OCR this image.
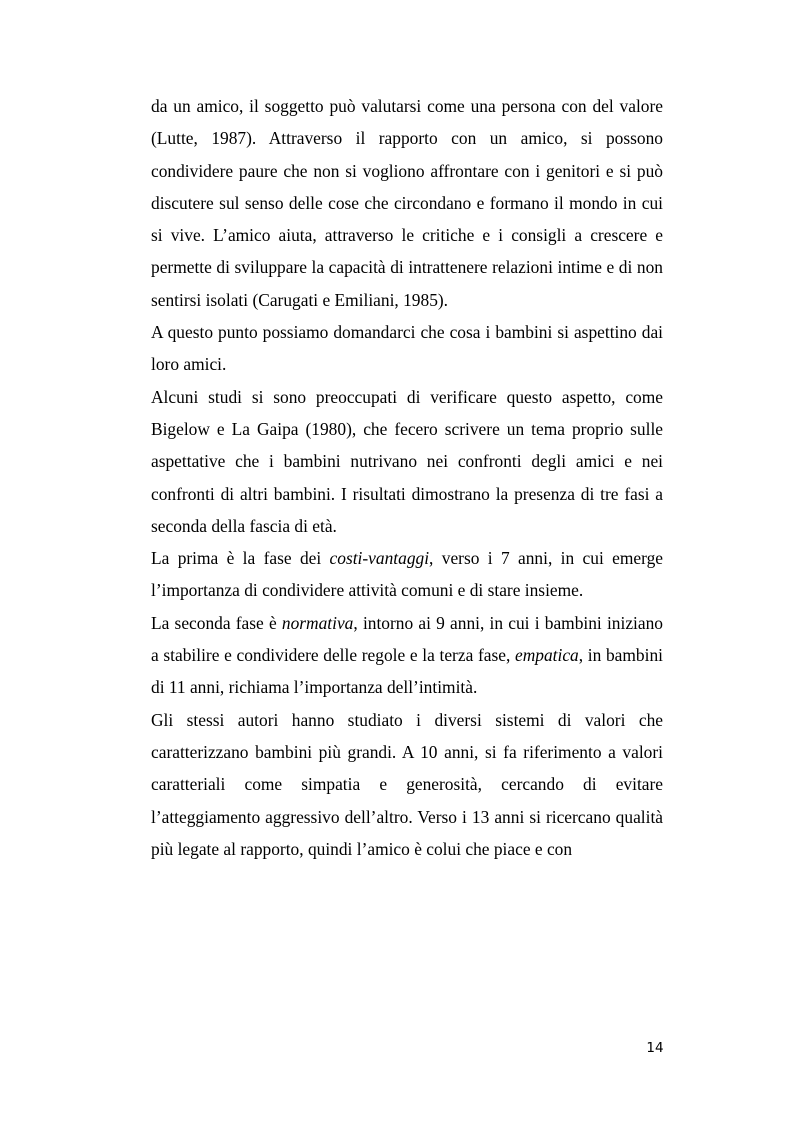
da un amico, il soggetto può valutarsi come una persona con del valore (Lutte, 1987). Attraverso il rapporto con un amico, si possono condividere paure che non si vogliono affrontare con i genitori e si può discutere sul senso delle cose che circondano e formano il mondo in cui si vive. L’amico aiuta, attraverso le critiche e i consigli a crescere e permette di sviluppare la capacità di intrattenere relazioni intime e di non sentirsi isolati (Carugati e Emiliani, 1985).

A questo punto possiamo domandarci che cosa i bambini si aspettino dai loro amici.

Alcuni studi si sono preoccupati di verificare questo aspetto, come Bigelow e La Gaipa (1980), che fecero scrivere un tema proprio sulle aspettative che i bambini nutrivano nei confronti degli amici e nei confronti di altri bambini. I risultati dimostrano la presenza di tre fasi a seconda della fascia di età.

La prima è la fase dei costi-vantaggi, verso i 7 anni, in cui emerge l’importanza di condividere attività comuni e di stare insieme.

La seconda fase è normativa, intorno ai 9 anni, in cui i bambini iniziano a stabilire e condividere delle regole e la terza fase, empatica, in bambini di 11 anni, richiama l’importanza dell’intimità.

Gli stessi autori hanno studiato i diversi sistemi di valori che caratterizzano bambini più grandi. A 10 anni, si fa riferimento a valori caratteriali come simpatia e generosità, cercando di evitare l’atteggiamento aggressivo dell’altro. Verso i 13 anni si ricercano qualità più legate al rapporto, quindi l’amico è colui che piace e con

14
